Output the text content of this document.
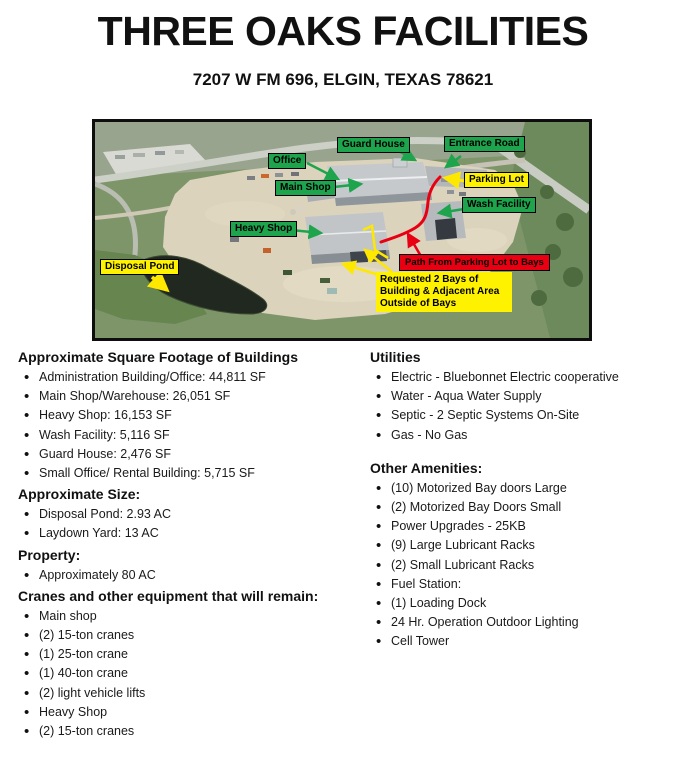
THREE OAKS FACILITIES
7207 W FM 696, ELGIN, TEXAS 78621
Office
Guard House	Entrance Road
Main Shop
Parking Lot
Wash Facility
Heavy Shop
Disposal Pond	Path From Parking Lot to Bays
Requested 2 Bays of Building & Adjacent Area Outside of Bays
Approximate Square Footage of Buildings
• Administration Building/Office: 44,811 SF
• Main Shop/Warehouse: 26,051 SF
• Heavy Shop: 16,153 SF
• Wash Facility: 5,116 SF
• Guard House: 2,476 SF
• Small Office/ Rental Building: 5,715 SF
Approximate Size:
• Disposal Pond: 2.93 AC
• Laydown Yard: 13 AC
Property:
• Approximately 80 AC
Cranes and other equipment that will remain:
• Main shop
• (2) 15-ton cranes
• (1) 25-ton crane
• (1) 40-ton crane
• (2) light vehicle lifts
• Heavy Shop
• (2) 15-ton cranes
Utilities
• Electric - Bluebonnet Electric cooperative
• Water - Aqua Water Supply
• Septic - 2 Septic Systems On-Site
• Gas - No Gas
Other Amenities:
• (10) Motorized Bay doors Large
• (2) Motorized Bay Doors Small
• Power Upgrades - 25KB
• (9) Large Lubricant Racks
• (2) Small Lubricant Racks
• Fuel Station:
• (1) Loading Dock
• 24 Hr. Operation Outdoor Lighting
• Cell Tower
